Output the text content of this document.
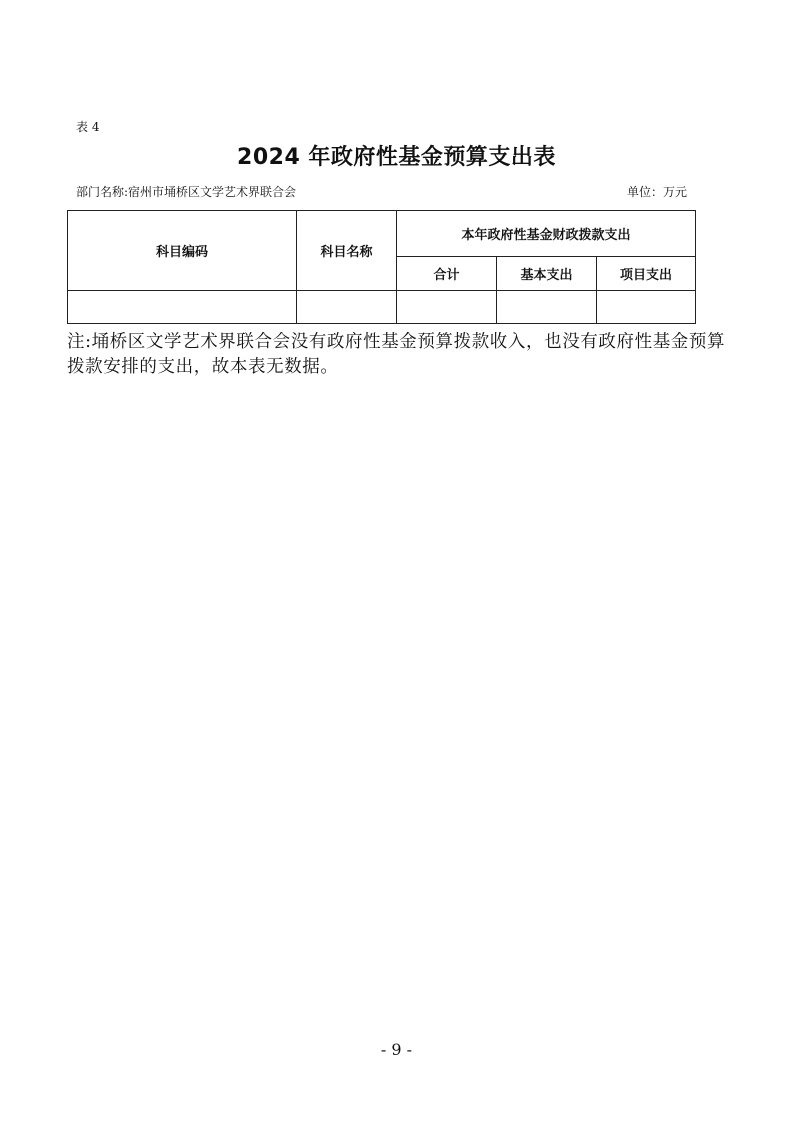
表 4
2024 年政府性基金预算支出表
部门名称:宿州市埇桥区文学艺术界联合会	单位：万元
科目编码	科目名称	本年政府性基金财政拨款支出		
		合计	基本支出	项目支出

注:埇桥区文学艺术界联合会没有政府性基金预算拨款收入，也没有政府性基金预算拨款安排的支出，故本表无数据。
- 9 -
